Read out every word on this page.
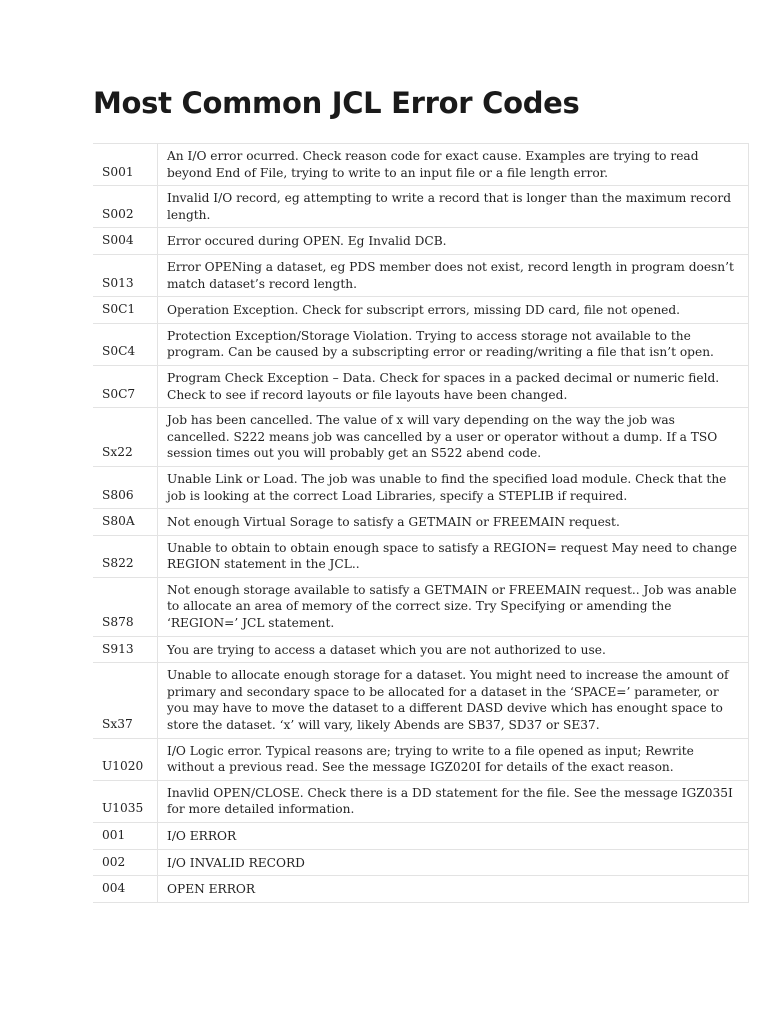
Most Common JCL Error Codes
S001	An I/O error ocurred. Check reason code for exact cause. Examples are trying to read beyond End of File, trying to write to an input file or a file length error.
S002	Invalid I/O record, eg attempting to write a record that is longer than the maximum record length.
S004	Error occured during OPEN. Eg Invalid DCB.
S013	Error OPENing a dataset, eg PDS member does not exist, record length in program doesn’t match dataset’s record length.
S0C1	Operation Exception. Check for subscript errors, missing DD card, file not opened.
S0C4	Protection Exception/Storage Violation. Trying to access storage not available to the program. Can be caused by a subscripting error or reading/writing a file that isn’t open.
S0C7	Program Check Exception – Data. Check for spaces in a packed decimal or numeric field. Check to see if record layouts or file layouts have been changed.
Sx22	Job has been cancelled. The value of x will vary depending on the way the job was cancelled. S222 means job was cancelled by a user or operator without a dump. If a TSO session times out you will probably get an S522 abend code.
S806	Unable Link or Load. The job was unable to find the specified load module. Check that the job is looking at the correct Load Libraries, specify a STEPLIB if required.
S80A	Not enough Virtual Sorage to satisfy a GETMAIN or FREEMAIN request.
S822	Unable to obtain to obtain enough space to satisfy a REGION= request May need to change REGION statement in the JCL..
S878	Not enough storage available to satisfy a GETMAIN or FREEMAIN request.. Job was anable to allocate an area of memory of the correct size. Try Specifying or amending the ‘REGION=’ JCL statement.
S913	You are trying to access a dataset which you are not authorized to use.
Sx37	Unable to allocate enough storage for a dataset. You might need to increase the amount of primary and secondary space to be allocated for a dataset in the ‘SPACE=’ parameter, or you may have to move the dataset to a different DASD devive which has enought space to store the dataset. ‘x’ will vary, likely Abends are SB37, SD37 or SE37.
U1020	I/O Logic error. Typical reasons are; trying to write to a file opened as input; Rewrite without a previous read. See the message IGZ020I for details of the exact reason.
U1035	Inavlid OPEN/CLOSE. Check there is a DD statement for the file. See the message IGZ035I for more detailed information.
001	I/O ERROR
002	I/O INVALID RECORD
004	OPEN ERROR
